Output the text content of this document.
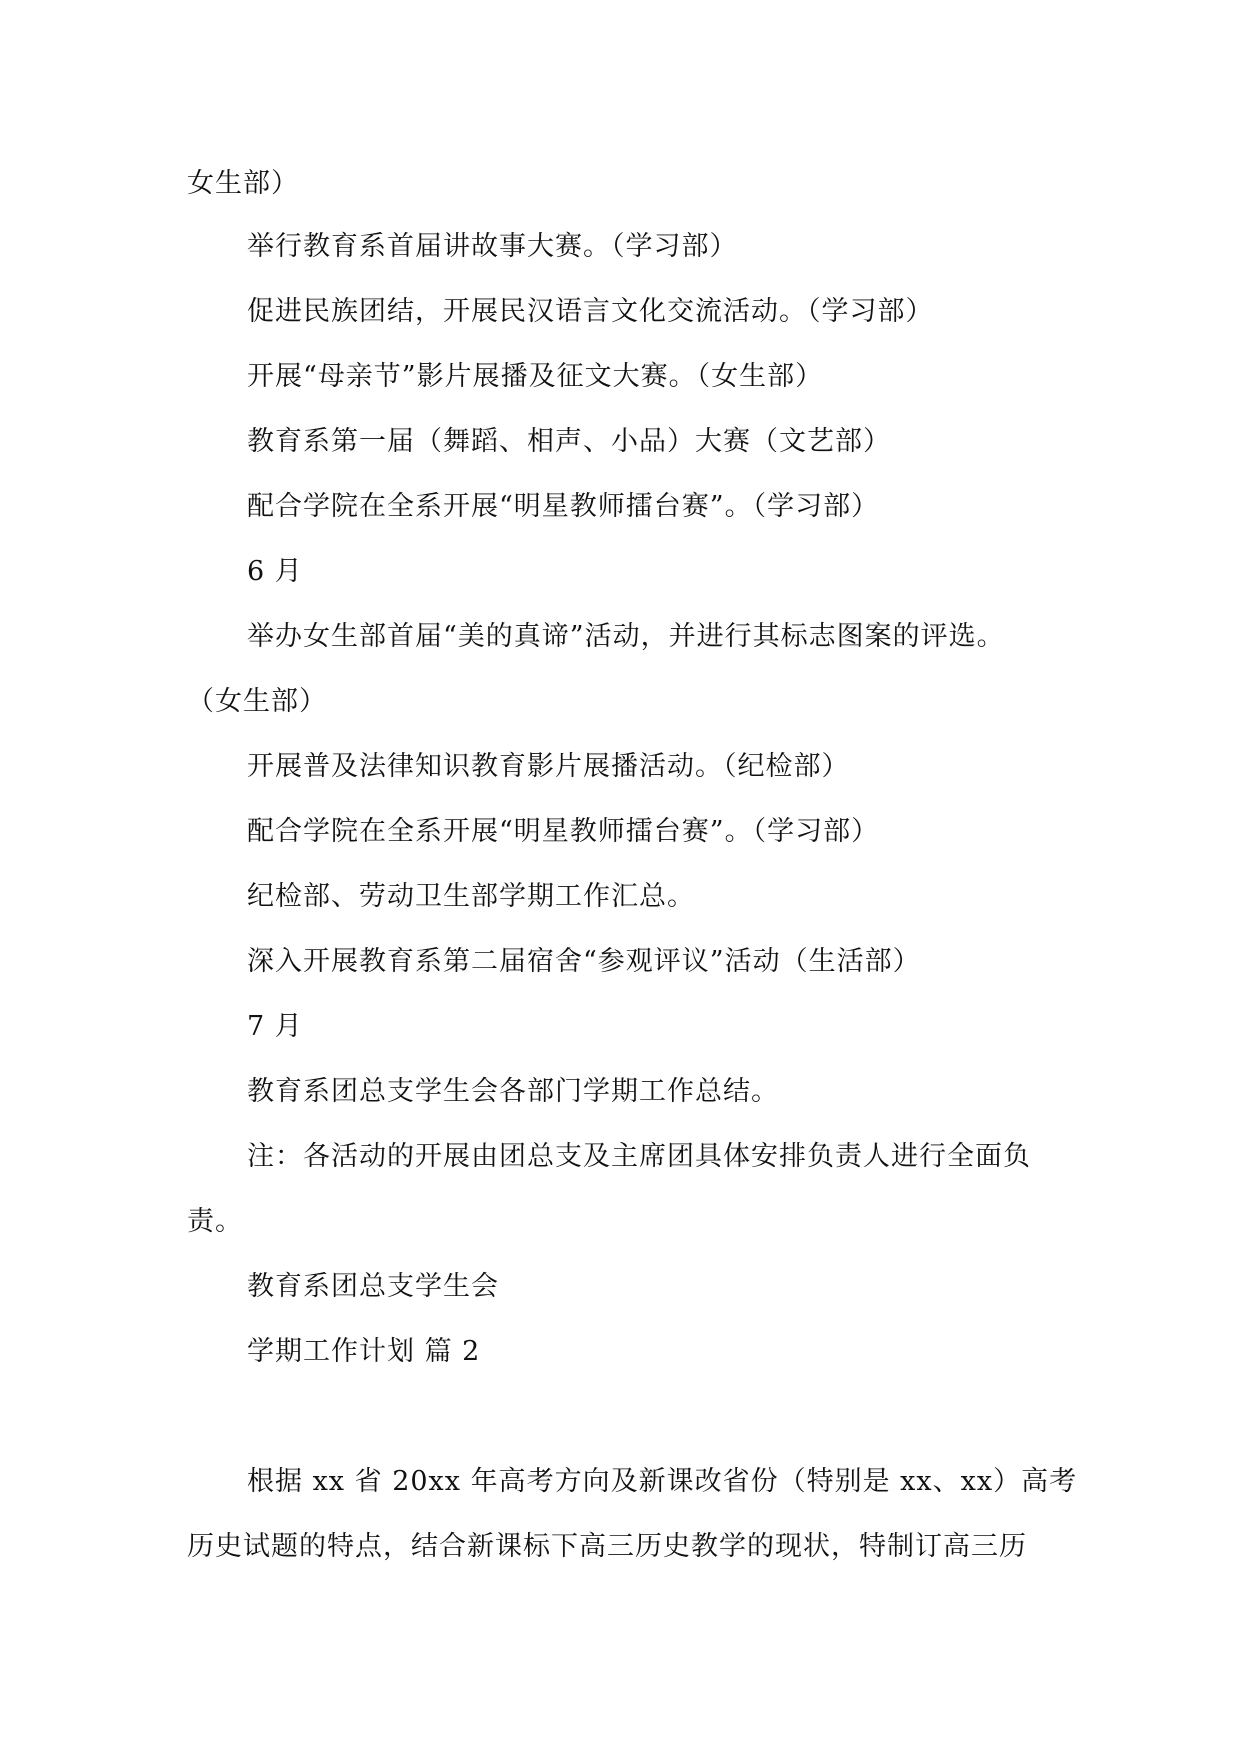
女生部）
举行教育系首届讲故事大赛。（学习部）
促进民族团结，开展民汉语言文化交流活动。（学习部）
开展“母亲节”影片展播及征文大赛。（女生部）
教育系第一届（舞蹈、相声、小品）大赛（文艺部）
配合学院在全系开展“明星教师擂台赛”。（学习部）
6 月
举办女生部首届“美的真谛”活动，并进行其标志图案的评选。
（女生部）
开展普及法律知识教育影片展播活动。（纪检部）
配合学院在全系开展“明星教师擂台赛”。（学习部）
纪检部、劳动卫生部学期工作汇总。
深入开展教育系第二届宿舍“参观评议”活动（生活部）
7 月
教育系团总支学生会各部门学期工作总结。
注：各活动的开展由团总支及主席团具体安排负责人进行全面负
责。
教育系团总支学生会
学期工作计划 篇 2
根据 xx 省 20xx 年高考方向及新课改省份（特别是 xx、xx）高考
历史试题的特点，结合新课标下高三历史教学的现状，特制订高三历
